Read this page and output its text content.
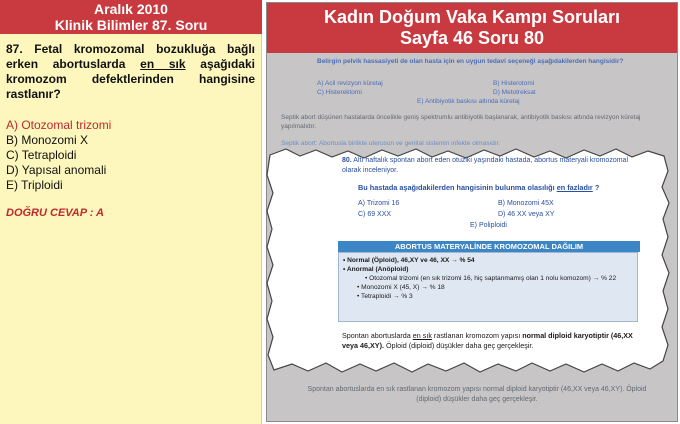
Aralık 2010
Klinik Bilimler 87. Soru
87. Fetal kromozomal bozukluğa bağlı erken abortuslarda en sık aşağıdaki kromozom defektlerinden hangisine rastlanır?
A) Otozomal trizomi
B) Monozomi X
C) Tetraploidi
D) Yapısal anomali
E) Triploidi
DOĞRU CEVAP : A
Kadın Doğum Vaka Kampı Soruları
Sayfa 46 Soru 80
Belirgin pelvik hassasiyeti de olan hasta için en uygun tedavi seçeneği aşağıdakilerden hangisidir?
A) Acil revizyon küretaj	B) Histerotomi
C) Histerektomi	D) Metotreksat
E) Antibiyotik baskısı altında küretaj
Septik abort düşünen hastalarda öncelikle geniş spektrumlu antibiyotik başlanarak, antibiyotik baskısı altında revizyon küretaj yapılmalıdır.
Septik abort: Abortusla birlikte uterusun ve genital sistemin infekte olmasıdır.
Spontan abortuslarda en sık rastlanan kromozom yapısı normal diploid karyotiptir (46,XX veya 46,XY). Öploid (diploid) düşükler daha geç gerçekleşir.
80. Altı haftalık spontan abort eden otuziki yaşındaki hastada, abortus materyali kromozomal olarak inceleniyor.
Bu hastada aşağıdakilerden hangisinin bulunma olasılığı en fazladır ?
A) Trizomi 16	B) Monozomi 45X
C) 69 XXX	D) 46 XX veya XY
E) Poliploidi
ABORTUS MATERYALİNDE KROMOZOMAL DAĞILIM
• Normal (Öploid), 46,XY ve 46, XX → % 54
• Anormal (Anöploid)
• Otozomal trizomi (en sık trizomi 16, hiç saptanmamış olan 1 nolu komozom) → % 22
• Monozomi X (45, X) → % 18
• Tetraploidi → % 3
Spontan abortuslarda en sık rastlanan kromozom yapısı normal diploid karyotiptir (46,XX veya 46,XY). Öploid (diploid) düşükler daha geç gerçekleşir.
